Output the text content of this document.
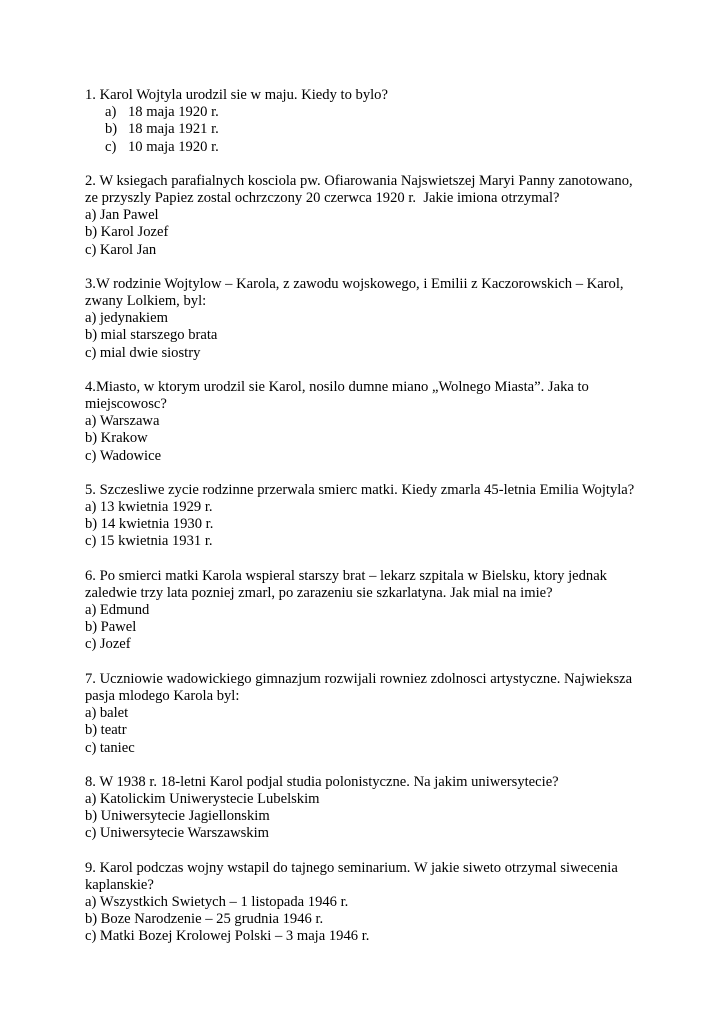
1. Karol Wojtyla urodzil sie w maju. Kiedy to bylo?

a) 18 maja 1920 r.
b) 18 maja 1921 r.
c) 10 maja 1920 r.

2. W ksiegach parafialnych kosciola pw. Ofiarowania Najswietszej Maryi Panny zanotowano, ze przyszly Papiez zostal ochrzczony 20 czerwca 1920 r.  Jakie imiona otrzymal?

a) Jan Pawel
b) Karol Jozef
c) Karol Jan

3.W rodzinie Wojtylow – Karola, z zawodu wojskowego, i Emilii z Kaczorowskich – Karol, zwany Lolkiem, byl:

a) jedynakiem
b) mial starszego brata
c) mial dwie siostry

4.Miasto, w ktorym urodzil sie Karol, nosilo dumne miano „Wolnego Miasta”. Jaka to miejscowosc?

a) Warszawa
b) Krakow
c) Wadowice

5. Szczesliwe zycie rodzinne przerwala smierc matki. Kiedy zmarla 45-letnia Emilia Wojtyla?

a) 13 kwietnia 1929 r.
b) 14 kwietnia 1930 r.
c) 15 kwietnia 1931 r.

6. Po smierci matki Karola wspieral starszy brat – lekarz szpitala w Bielsku, ktory jednak zaledwie trzy lata pozniej zmarl, po zarazeniu sie szkarlatyna. Jak mial na imie?

a) Edmund
b) Pawel
c) Jozef

7. Uczniowie wadowickiego gimnazjum rozwijali rowniez zdolnosci artystyczne. Najwieksza pasja mlodego Karola byl:

a) balet
b) teatr
c) taniec

8. W 1938 r. 18-letni Karol podjal studia polonistyczne. Na jakim uniwersytecie?

a) Katolickim Uniwerystecie Lubelskim
b) Uniwersytecie Jagiellonskim
c) Uniwersytecie Warszawskim

9. Karol podczas wojny wstapil do tajnego seminarium. W jakie siweto otrzymal siwecenia kaplanskie?

a) Wszystkich Swietych – 1 listopada 1946 r.
b) Boze Narodzenie – 25 grudnia 1946 r.
c) Matki Bozej Krolowej Polski – 3 maja 1946 r.
